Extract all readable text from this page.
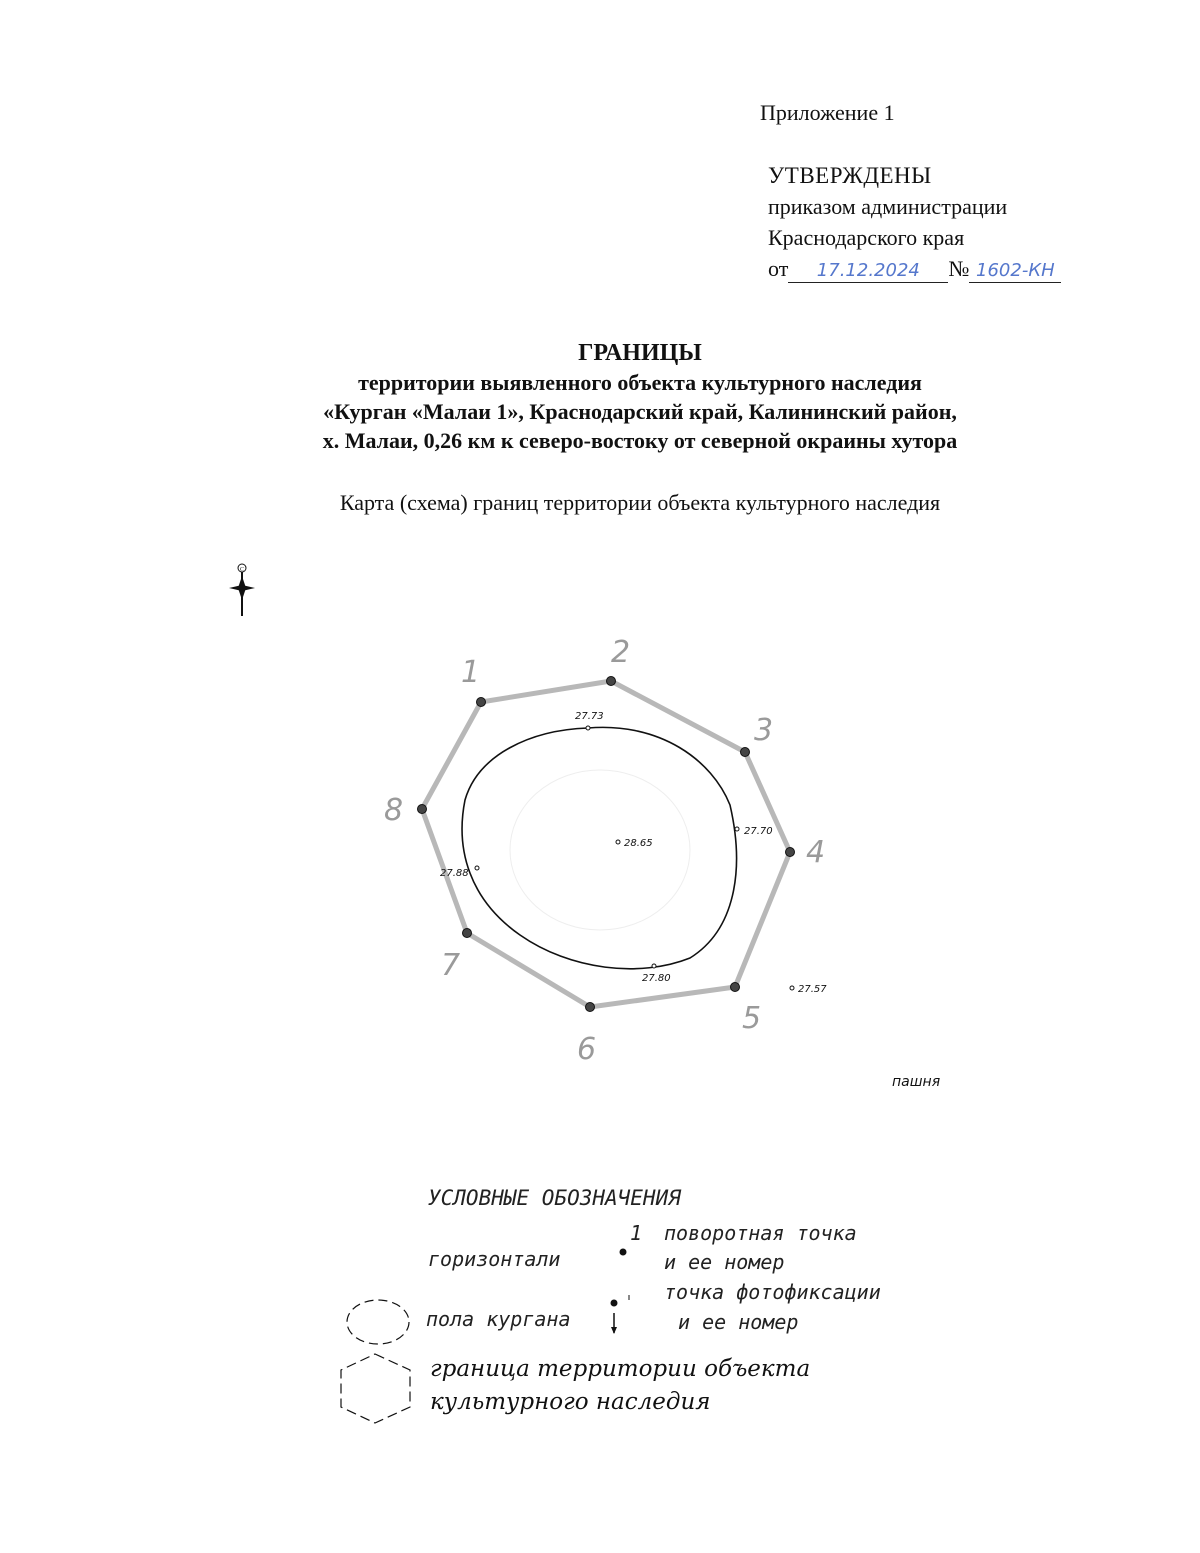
Приложение 1
УТВЕРЖДЕНЫ
приказом администрации
Краснодарского края
от 17.12.2024 № 1602-КН

ГРАНИЦЫ

территории выявленного объекта культурного наследия

«Курган «Малаи 1», Краснодарский край, Калининский район,

х. Малаи, 0,26 км к северо-востоку от северной окраины хутора

Карта (схема) границ территории объекта культурного наследия
С
1
2
3
4
5
6
7
8
27.73
27.70
28.65
27.88
27.80
27.57
пашня
УСЛОВНЫЕ ОБОЗНАЧЕНИЯ
1 поворотная точка
горизонтали	и ее номер
точка фотофиксации
пола кургана	и ее номер
граница территории объекта
культурного наследия
